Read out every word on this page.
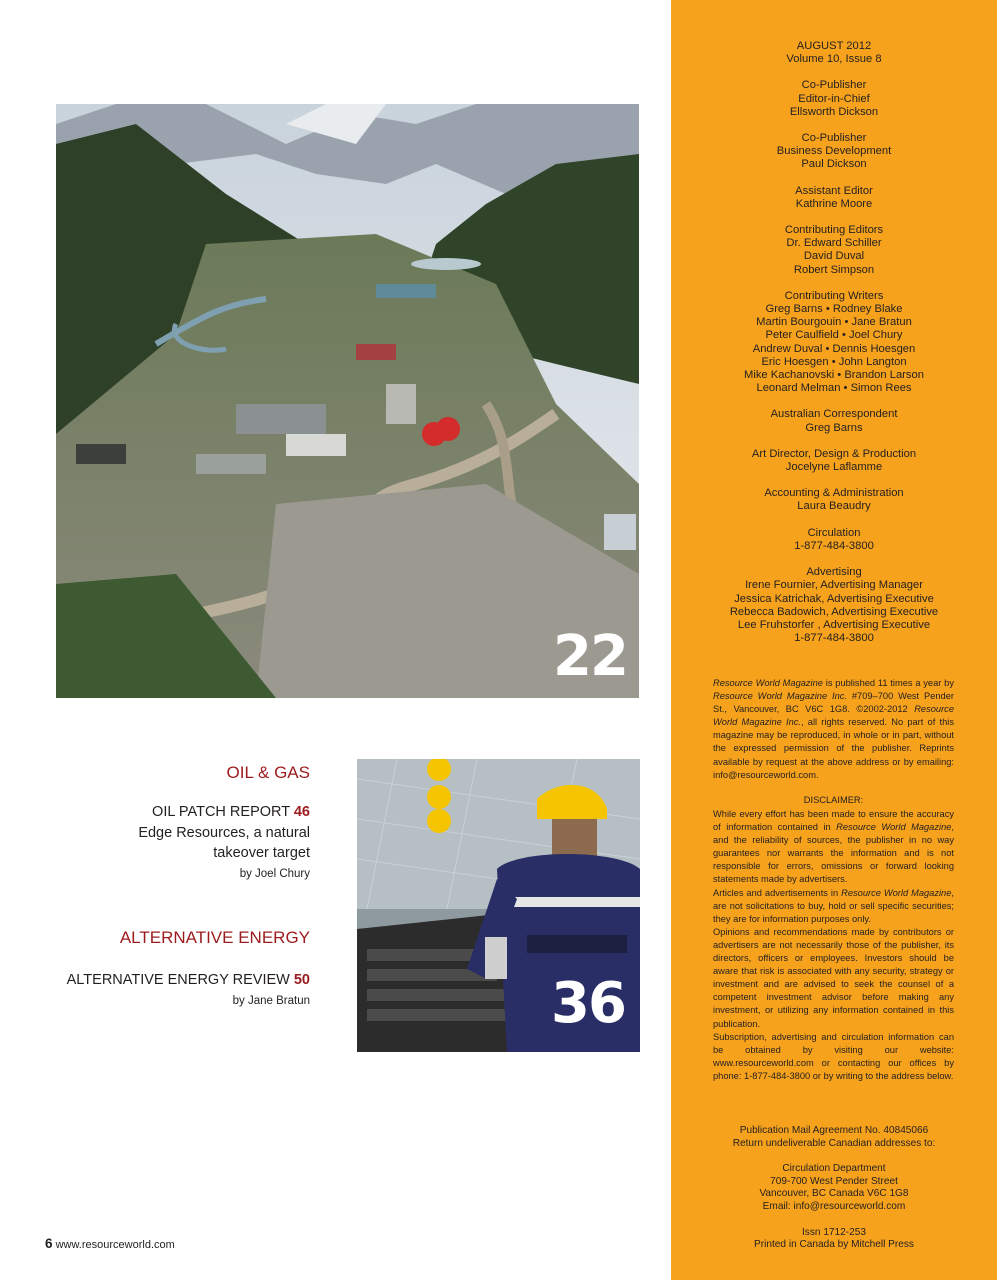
AUGUST 2012
Volume 10, Issue 8
Co-Publisher
Editor-in-Chief
Ellsworth Dickson
Co-Publisher
Business Development
Paul Dickson
Assistant Editor
Kathrine Moore
Contributing Editors
Dr. Edward Schiller
David Duval
Robert Simpson
Contributing Writers
Greg Barns • Rodney Blake
Martin Bourgouin • Jane Bratun
Peter Caulfield • Joel Chury
Andrew Duval • Dennis Hoesgen
Eric Hoesgen • John Langton
Mike Kachanovski • Brandon Larson
Leonard Melman • Simon Rees
Australian Correspondent
Greg Barns
Art Director, Design & Production
Jocelyne Laflamme
Accounting & Administration
Laura Beaudry
Circulation
1-877-484-3800
Advertising
Irene Fournier, Advertising Manager
Jessica Katrichak, Advertising Executive
Rebecca Badowich, Advertising Executive
Lee Fruhstorfer , Advertising Executive
1-877-484-3800
Resource World Magazine is published 11 times a year by Resource World Magazine Inc. #709–700 West Pender St., Vancouver, BC V6C 1G8. ©2002-2012 Resource World Magazine Inc., all rights reserved. No part of this magazine may be reproduced, in whole or in part, without the expressed permission of the publisher. Reprints available by request at the above address or by emailing: info@resourceworld.com.
DISCLAIMER:

While every effort has been made to ensure the accuracy of information contained in Resource World Magazine, and the reliability of sources, the publisher in no way guarantees nor warrants the information and is not responsible for errors, omissions or forward looking statements made by advertisers.

Articles and advertisements in Resource World Magazine, are not solicitations to buy, hold or sell specific securities; they are for information purposes only.

Opinions and recommendations made by contributors or advertisers are not necessarily those of the publisher, its directors, officers or employees. Investors should be aware that risk is associated with any security, strategy or investment and are advised to seek the counsel of a competent investment advisor before making any investment, or utilizing any information contained in this publication.

Subscription, advertising and circulation information can be obtained by visiting our website: www.resourceworld.com or contacting our offices by phone: 1-877-484-3800 or by writing to the address below.

Publication Mail Agreement No. 40845066
Return undeliverable Canadian addresses to:
Circulation Department
709-700 West Pender Street
Vancouver, BC Canada V6C 1G8
Email: info@resourceworld.com
Issn 1712-253
Printed in Canada by Mitchell Press
22
36
OIL & GAS
OIL PATCH REPORT 46
Edge Resources, a natural
takeover target
by Joel Chury
ALTERNATIVE ENERGY
ALTERNATIVE ENERGY REVIEW 50
by Jane Bratun
6 www.resourceworld.com
